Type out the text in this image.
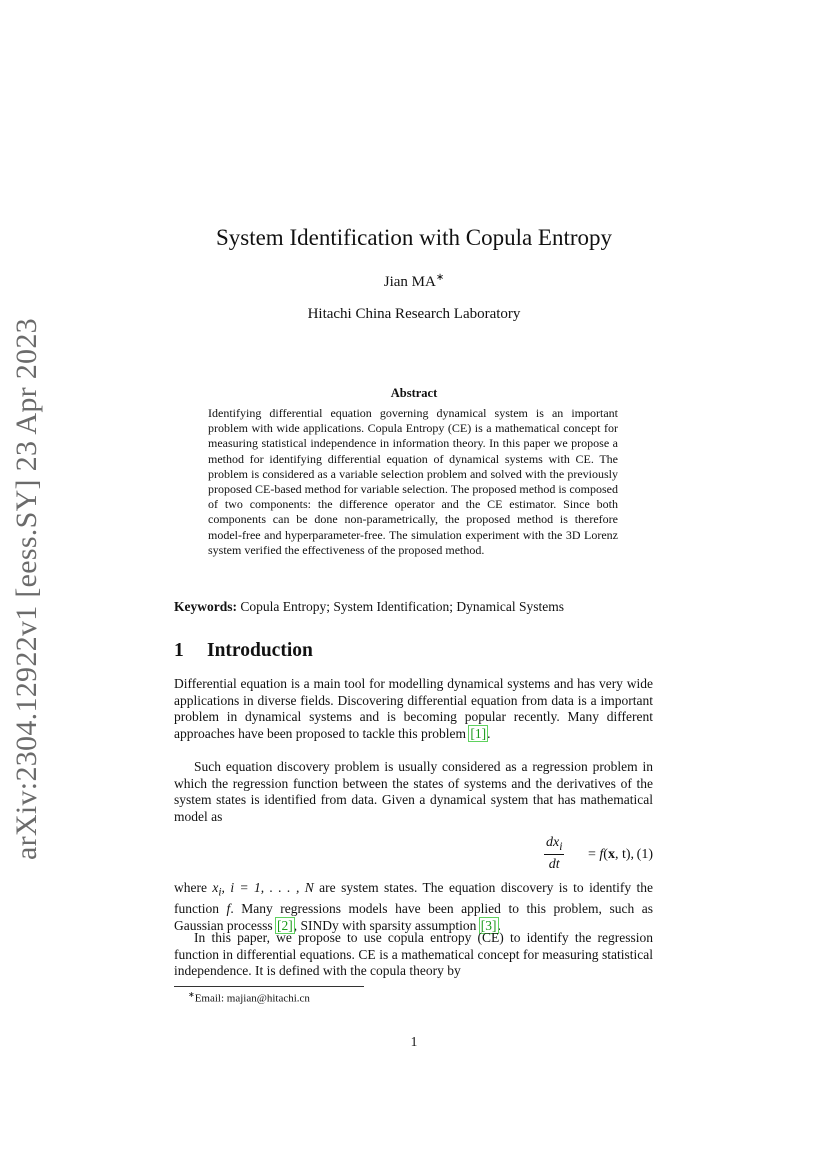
arXiv:2304.12922v1 [eess.SY] 23 Apr 2023
System Identification with Copula Entropy
Jian MA∗
Hitachi China Research Laboratory
Abstract
Identifying differential equation governing dynamical system is an important problem with wide applications. Copula Entropy (CE) is a mathematical concept for measuring statistical independence in information theory. In this paper we propose a method for identifying differential equation of dynamical systems with CE. The problem is considered as a variable selection problem and solved with the previously proposed CE-based method for variable selection. The proposed method is composed of two components: the difference operator and the CE estimator. Since both components can be done non-parametrically, the proposed method is therefore model-free and hyperparameter-free. The simulation experiment with the 3D Lorenz system verified the effectiveness of the proposed method.
Keywords: Copula Entropy; System Identification; Dynamical Systems
1 Introduction
Differential equation is a main tool for modelling dynamical systems and has very wide applications in diverse fields. Discovering differential equation from data is a important problem in dynamical systems and is becoming popular recently. Many different approaches have been proposed to tackle this problem [1].
Such equation discovery problem is usually considered as a regression problem in which the regression function between the states of systems and the derivatives of the system states is identified from data. Given a dynamical system that has mathematical model as
$dx_i$
dt
= f(x, t), (1)
where $x_i$, i = 1, . . . , N are system states. The equation discovery is to identify the function f. Many regressions models have been applied to this problem, such as Gaussian processs [2], SINDy with sparsity assumption [3].
In this paper, we propose to use copula entropy (CE) to identify the regression function in differential equations. CE is a mathematical concept for measuring statistical independence. It is defined with the copula theory by
∗Email: majian@hitachi.cn
1
